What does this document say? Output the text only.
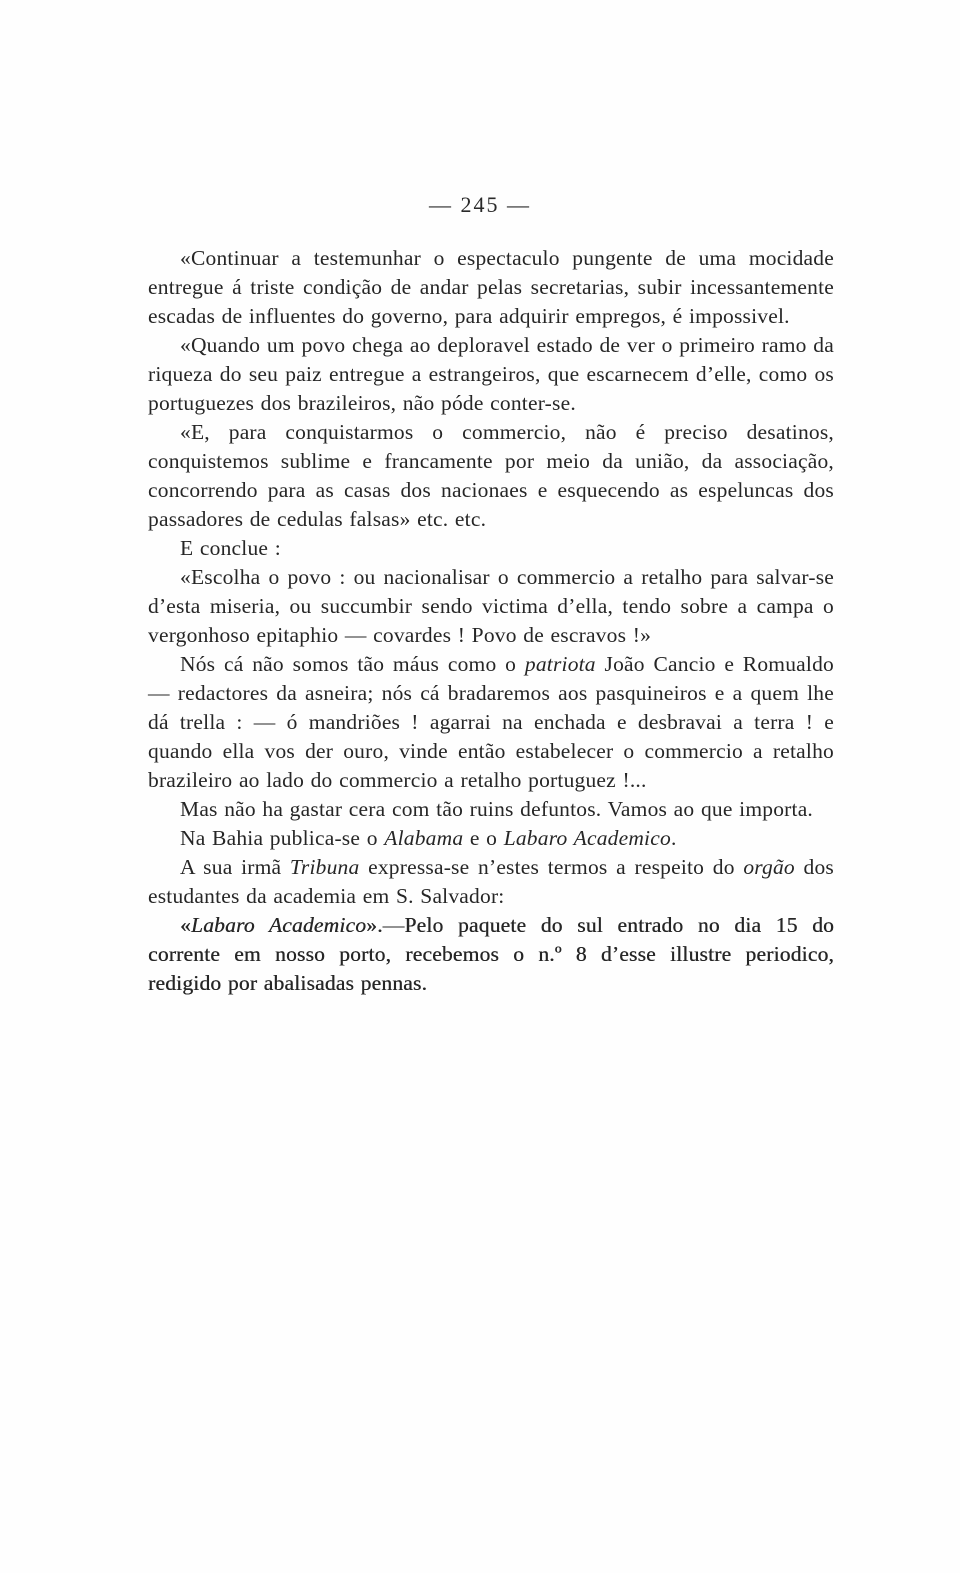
— 245 —

«Continuar a testemunhar o espectaculo pungente de uma mocidade entregue á triste condição de andar pelas secretarias, subir incessantemente escadas de influentes do governo, para adquirir empregos, é impossivel.

«Quando um povo chega ao deploravel estado de ver o primeiro ramo da riqueza do seu paiz entregue a estrangeiros, que escarnecem d’elle, como os portuguezes dos brazileiros, não póde conter-se.

«E, para conquistarmos o commercio, não é preciso desatinos, conquistemos sublime e francamente por meio da união, da associação, concorrendo para as casas dos nacionaes e esquecendo as espeluncas dos passadores de cedulas falsas» etc. etc.

E conclue :

«Escolha o povo : ou nacionalisar o commercio a retalho para salvar-se d’esta miseria, ou succumbir sendo victima d’ella, tendo sobre a campa o vergonhoso epitaphio — covardes ! Povo de escravos !»

Nós cá não somos tão máus como o patriota João Cancio e Romualdo — redactores da asneira; nós cá bradaremos aos pasquineiros e a quem lhe dá trella : — ó mandriões ! agarrai na enchada e desbravai a terra ! e quando ella vos der ouro, vinde então estabelecer o commercio a retalho brazileiro ao lado do commercio a retalho portuguez !...

Mas não ha gastar cera com tão ruins defuntos. Vamos ao que importa.

Na Bahia publica-se o Alabama e o Labaro Academico.

A sua irmã Tribuna expressa-se n’estes termos a respeito do orgão dos estudantes da academia em S. Salvador:

«Labaro Academico».—Pelo paquete do sul entrado no dia 15 do corrente em nosso porto, recebemos o n.º 8 d’esse illustre periodico, redigido por abalisadas pennas.
